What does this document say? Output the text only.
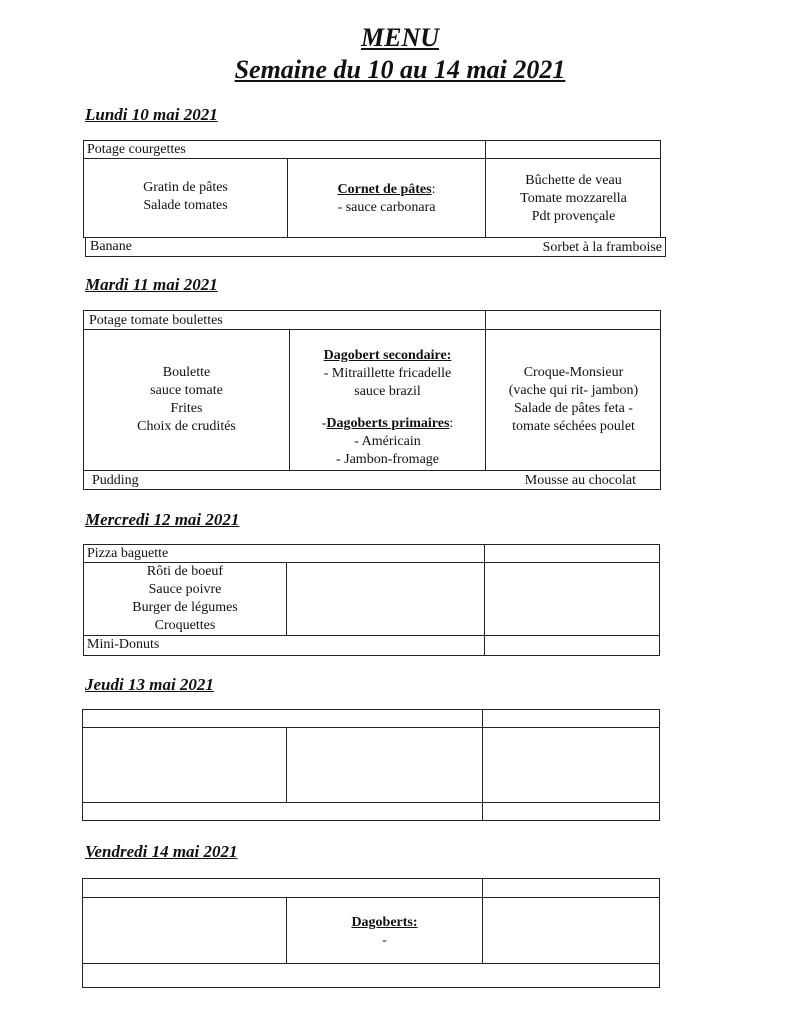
MENU
Semaine du 10 au 14 mai 2021
Lundi 10 mai 2021
Potage courgettes
Gratin de pâtes
Salade tomates
Cornet de pâtes:
- sauce carbonara
Bûchette de veau
Tomate mozzarella
Pdt provençale
Banane	Sorbet à la framboise
Mardi 11 mai 2021
Potage tomate boulettes
Boulette
sauce tomate
Frites
Choix de crudités
Dagobert secondaire:
- Mitraillette fricadelle
sauce brazil
-Dagoberts primaires:
- Américain
- Jambon-fromage
Croque-Monsieur
(vache qui rit- jambon)
Salade de pâtes feta -
tomate séchées poulet
Pudding	Mousse au chocolat
Mercredi 12 mai 2021
Pizza baguette
Rôti de boeuf
Sauce poivre
Burger de légumes
Croquettes
Mini-Donuts
Jeudi 13 mai 2021
Vendredi 14 mai 2021
Dagoberts:
-
